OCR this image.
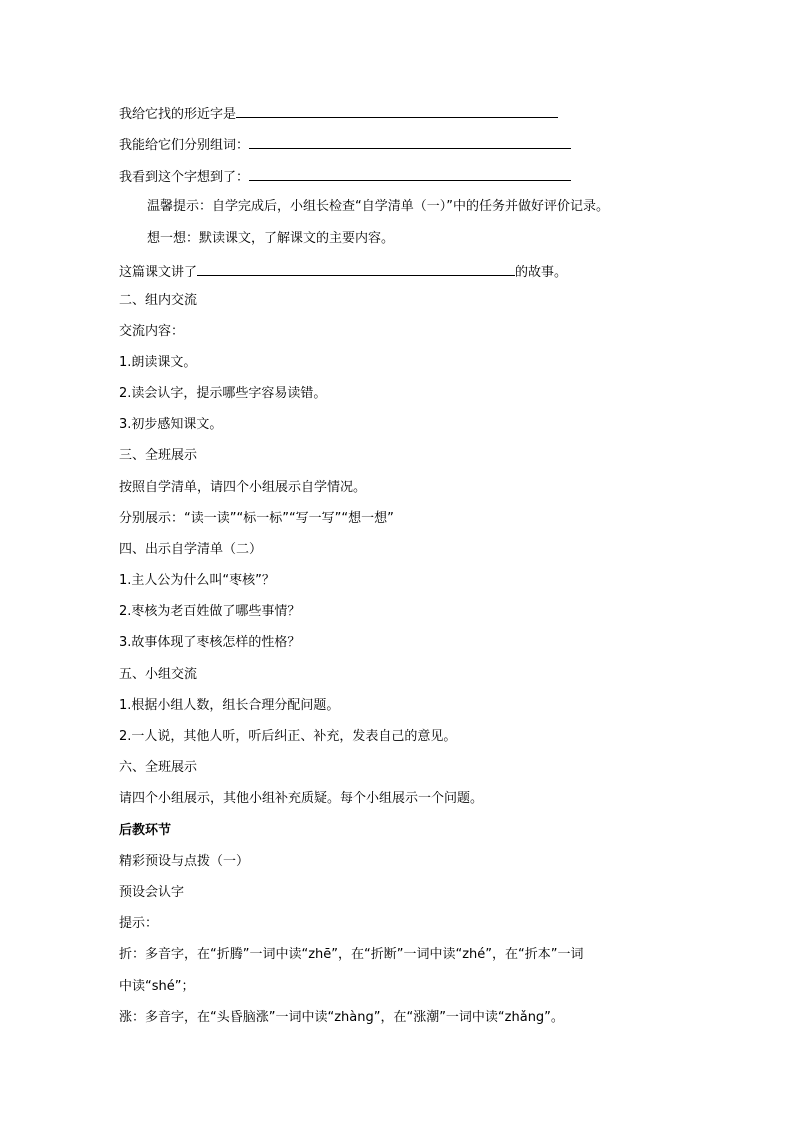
我给它找的形近字是
我能给它们分别组词：
我看到这个字想到了：
温馨提示：自学完成后，小组长检查“自学清单（一）”中的任务并做好评价记录。
想一想：默读课文，了解课文的主要内容。
这篇课文讲了	的故事。
二、组内交流
交流内容：
1.朗读课文。
2.读会认字，提示哪些字容易读错。
3.初步感知课文。
三、全班展示
按照自学清单，请四个小组展示自学情况。
分别展示：“读一读”“标一标”“写一写”“想一想”
四、出示自学清单（二）
1.主人公为什么叫“枣核”？
2.枣核为老百姓做了哪些事情？
3.故事体现了枣核怎样的性格？
五、小组交流
1.根据小组人数，组长合理分配问题。
2.一人说，其他人听，听后纠正、补充，发表自己的意见。
六、全班展示
请四个小组展示，其他小组补充质疑。每个小组展示一个问题。
后教环节
精彩预设与点拨（一）
预设会认字
提示：
折：多音字，在“折腾”一词中读“zhē”，在“折断”一词中读“zhé”，在“折本”一词
中读“shé”；
涨：多音字，在“头昏脑涨”一词中读“zhàng”，在“涨潮”一词中读“zhǎng”。
